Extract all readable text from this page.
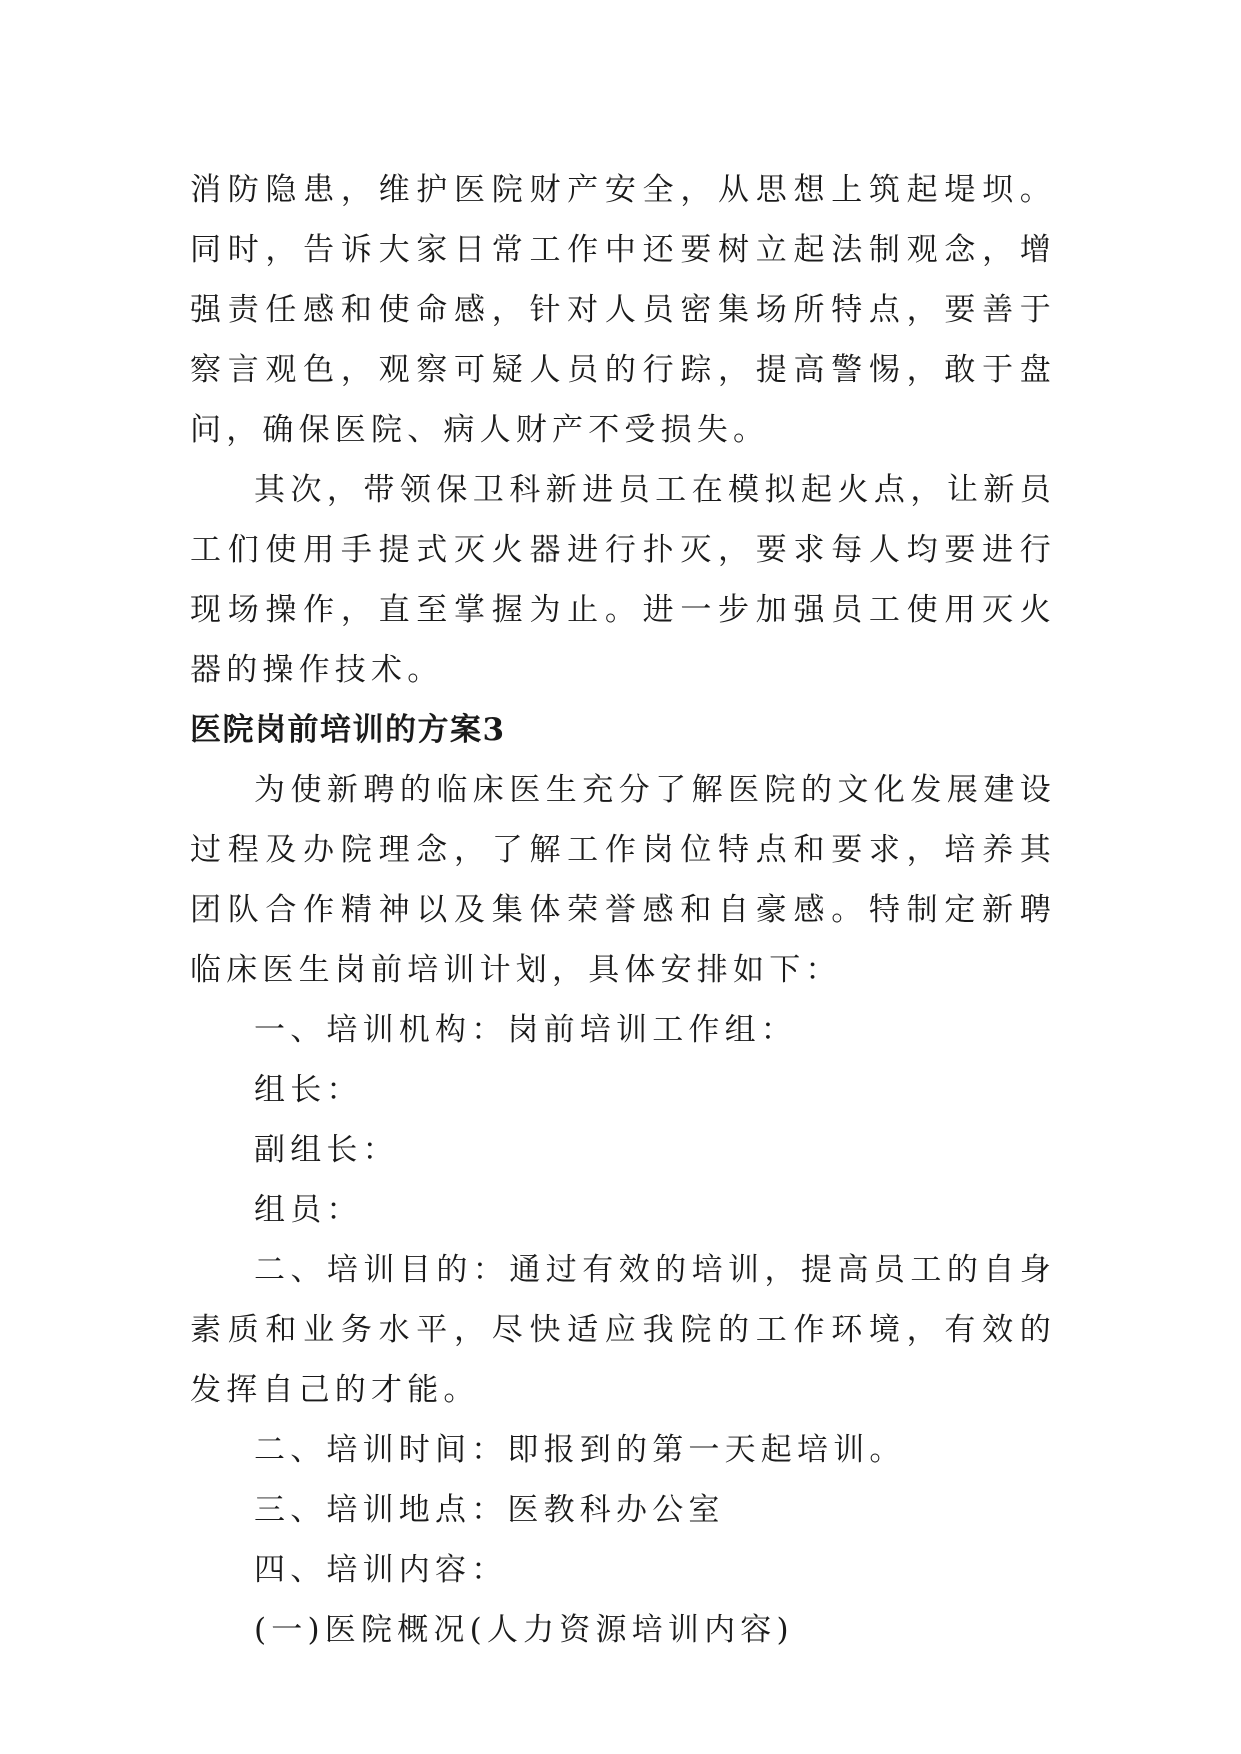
消防隐患，维护医院财产安全，从思想上筑起堤坝。同时，告诉大家日常工作中还要树立起法制观念，增强责任感和使命感，针对人员密集场所特点，要善于察言观色，观察可疑人员的行踪，提高警惕，敢于盘问，确保医院、病人财产不受损失。

其次，带领保卫科新进员工在模拟起火点，让新员工们使用手提式灭火器进行扑灭，要求每人均要进行现场操作，直至掌握为止。进一步加强员工使用灭火器的操作技术。

医院岗前培训的方案3

为使新聘的临床医生充分了解医院的文化发展建设过程及办院理念，了解工作岗位特点和要求，培养其团队合作精神以及集体荣誉感和自豪感。特制定新聘临床医生岗前培训计划，具体安排如下：

一、培训机构：岗前培训工作组：

组长：

副组长：

组员：

二、培训目的：通过有效的培训，提高员工的自身素质和业务水平，尽快适应我院的工作环境，有效的发挥自己的才能。

二、培训时间：即报到的第一天起培训。

三、培训地点：医教科办公室

四、培训内容：

(一)医院概况(人力资源培训内容)
